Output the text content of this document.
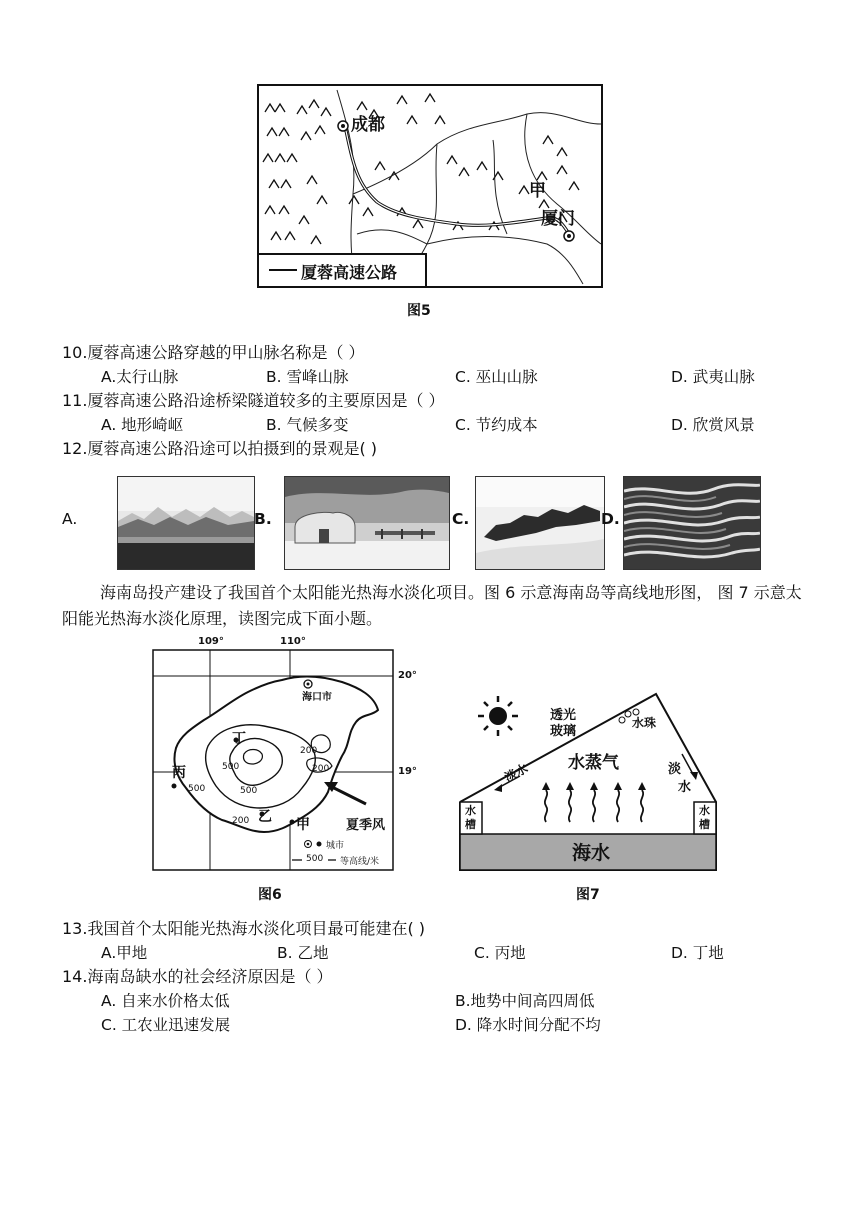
成都
甲
厦门
厦蓉高速公路
图5
10.厦蓉高速公路穿越的甲山脉名称是（ ）
A.太行山脉	B. 雪峰山脉	C. 巫山山脉	D. 武夷山脉
11.厦蓉高速公路沿途桥梁隧道较多的主要原因是（ ）
A. 地形崎岖	B. 气候多变	C. 节约成本	D. 欣赏风景
12.厦蓉高速公路沿途可以拍摄到的景观是( )
A.	B.	C.	D.
海南岛投产建设了我国首个太阳能光热海水淡化项目。图 6 示意海南岛等高线地形图， 图 7 示意太阳能光热海水淡化原理，读图完成下面小题。
109°	110°
20°
19°
海口市
丁
丙
乙 甲
500
500	500
200
200
200	夏季风
城市
500 等高线/米
图6
透光
玻璃
水珠
水蒸气
淡水	淡
水
水
槽
水
槽
海水
图7
13.我国首个太阳能光热海水淡化项目最可能建在( )
A.甲地	B. 乙地	C. 丙地	D. 丁地
14.海南岛缺水的社会经济原因是（ ）
A. 自来水价格太低	B.地势中间高四周低
C. 工农业迅速发展	D. 降水时间分配不均
